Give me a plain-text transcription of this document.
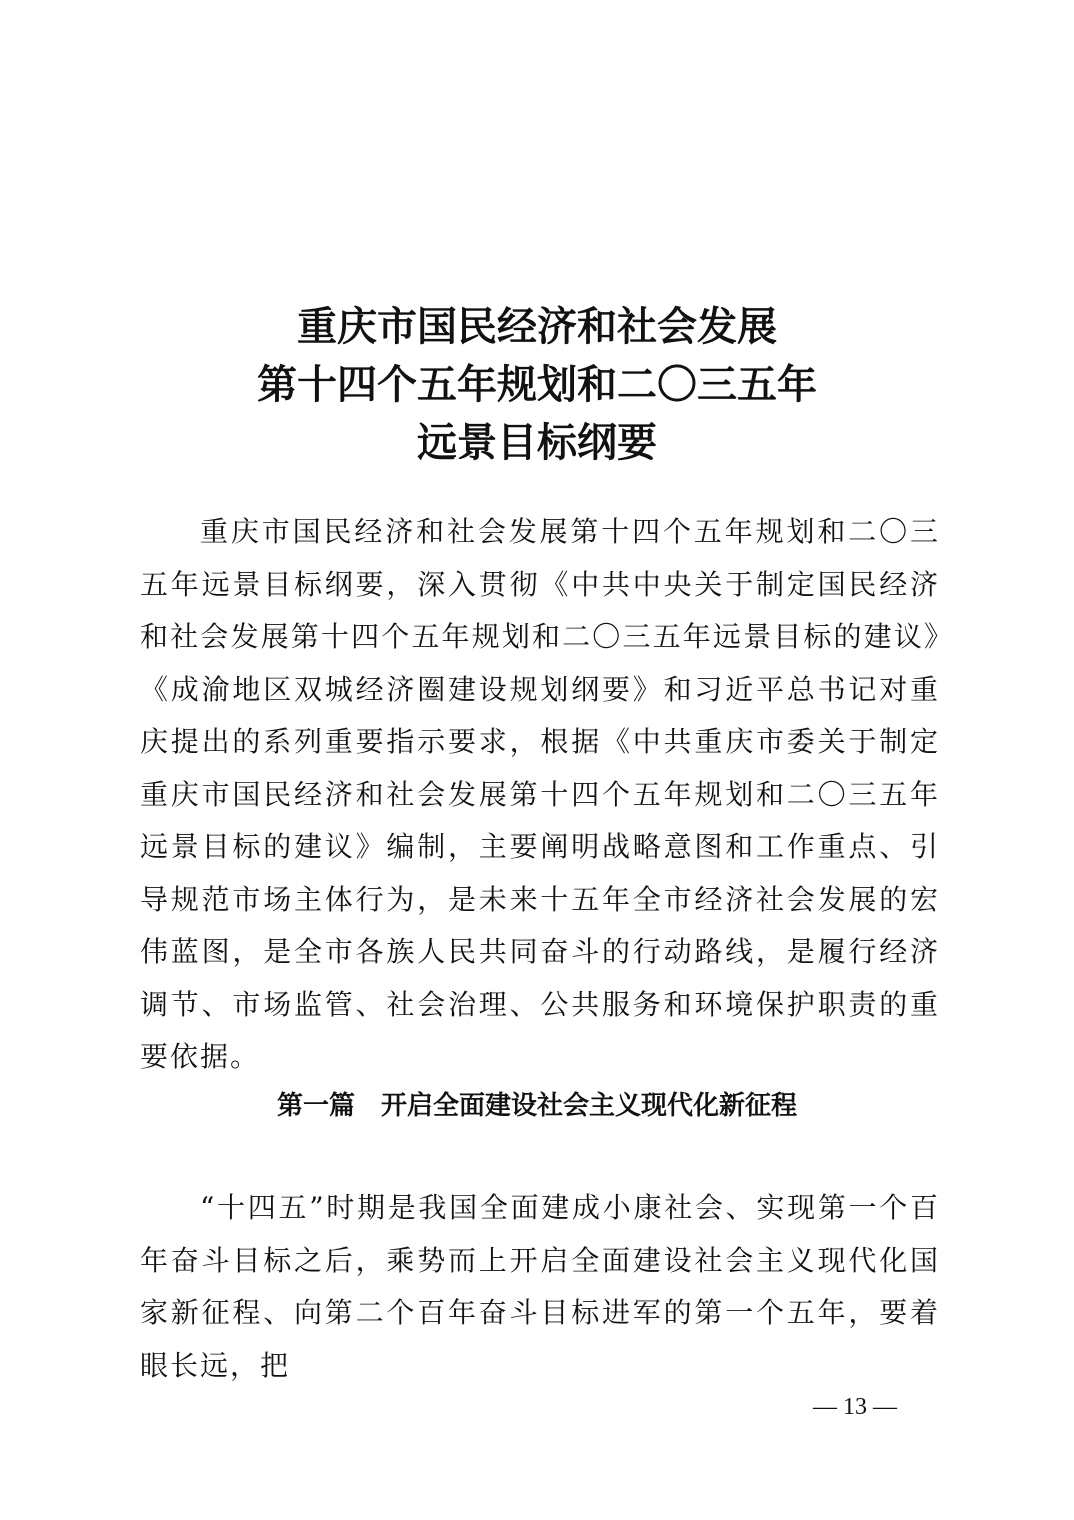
重庆市国民经济和社会发展
第十四个五年规划和二〇三五年
远景目标纲要

重庆市国民经济和社会发展第十四个五年规划和二〇三五年远景目标纲要，深入贯彻《中共中央关于制定国民经济和社会发展第十四个五年规划和二〇三五年远景目标的建议》《成渝地区双城经济圈建设规划纲要》和习近平总书记对重庆提出的系列重要指示要求，根据《中共重庆市委关于制定重庆市国民经济和社会发展第十四个五年规划和二〇三五年远景目标的建议》编制，主要阐明战略意图和工作重点、引导规范市场主体行为，是未来十五年全市经济社会发展的宏伟蓝图，是全市各族人民共同奋斗的行动路线，是履行经济调节、市场监管、社会治理、公共服务和环境保护职责的重要依据。

第一篇　开启全面建设社会主义现代化新征程

“十四五”时期是我国全面建成小康社会、实现第一个百年奋斗目标之后，乘势而上开启全面建设社会主义现代化国家新征程、向第二个百年奋斗目标进军的第一个五年，要着眼长远，把

— 13 —
